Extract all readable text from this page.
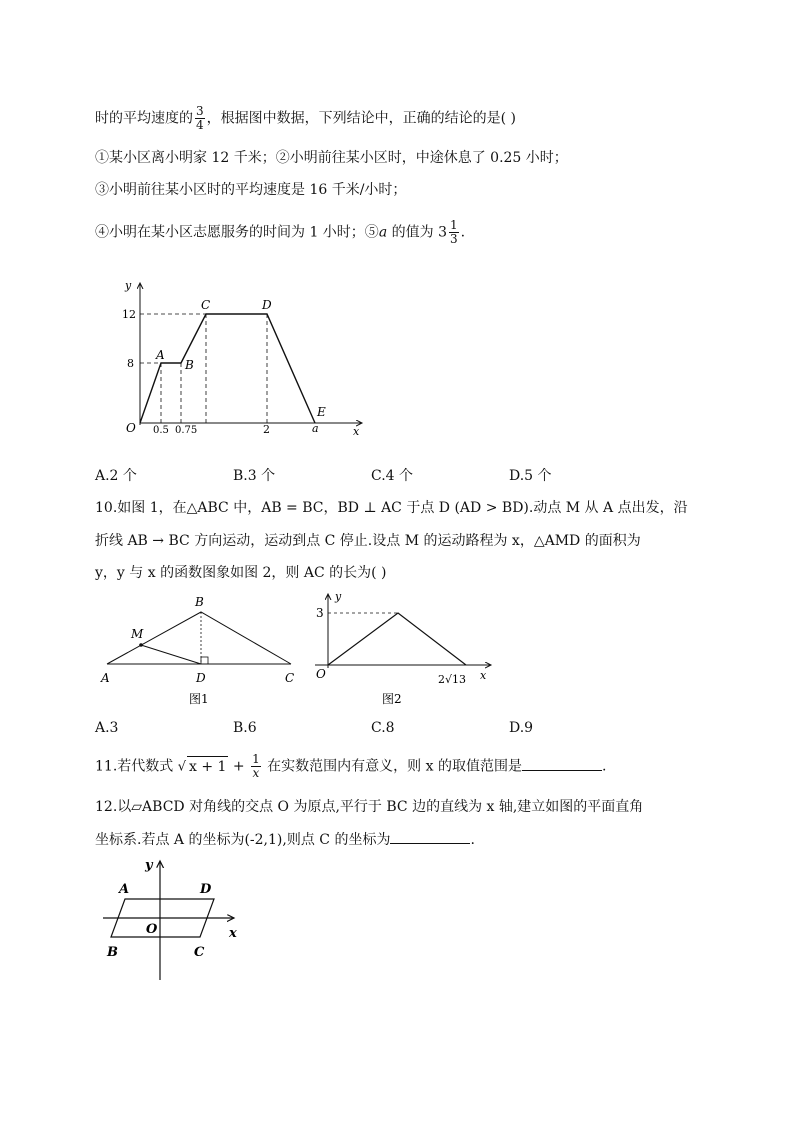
时的平均速度的 $\frac{3}{4}$ ，根据图中数据，下列结论中，正确的结论的是( )
①某小区离小明家 12 千米；②小明前往某小区时，中途休息了 0.25 小时；
③小明前往某小区时的平均速度是 16 千米/小时；
④小明在某小区志愿服务的时间为 1 小时；⑤a 的值为 $3 \frac{1}{3}$ .
y
x
12
8
O 0.5 0.75	2	a
A
B
C	D
E
A.2 个	B.3 个	C.4 个	D.5 个
10.如图 1，在△ABC 中，AB = BC，BD ⊥ AC 于点 D (AD > BD).动点 M 从 A 点出发，沿
折线 AB → BC 方向运动，运动到点 C 停止.设点 M 的运动路程为 x，△AMD 的面积为
y，y 与 x 的函数图象如图 2，则 AC 的长为( )
B
M
A	D	C
图1
y
x
3
O	2√13
图2
A.3	B.6	C.8	D.9
11.若代数式 √ $x + 1 + \frac{1}{x}$ 在实数范围内有意义，则 x 的取值范围是	.
12.以▱ABCD 对角线的交点 O 为原点,平行于 BC 边的直线为 x 轴,建立如图的平面直角
坐标系.若点 A 的坐标为(-2,1),则点 C 的坐标为	.
y
A	D
O	x
B	C
